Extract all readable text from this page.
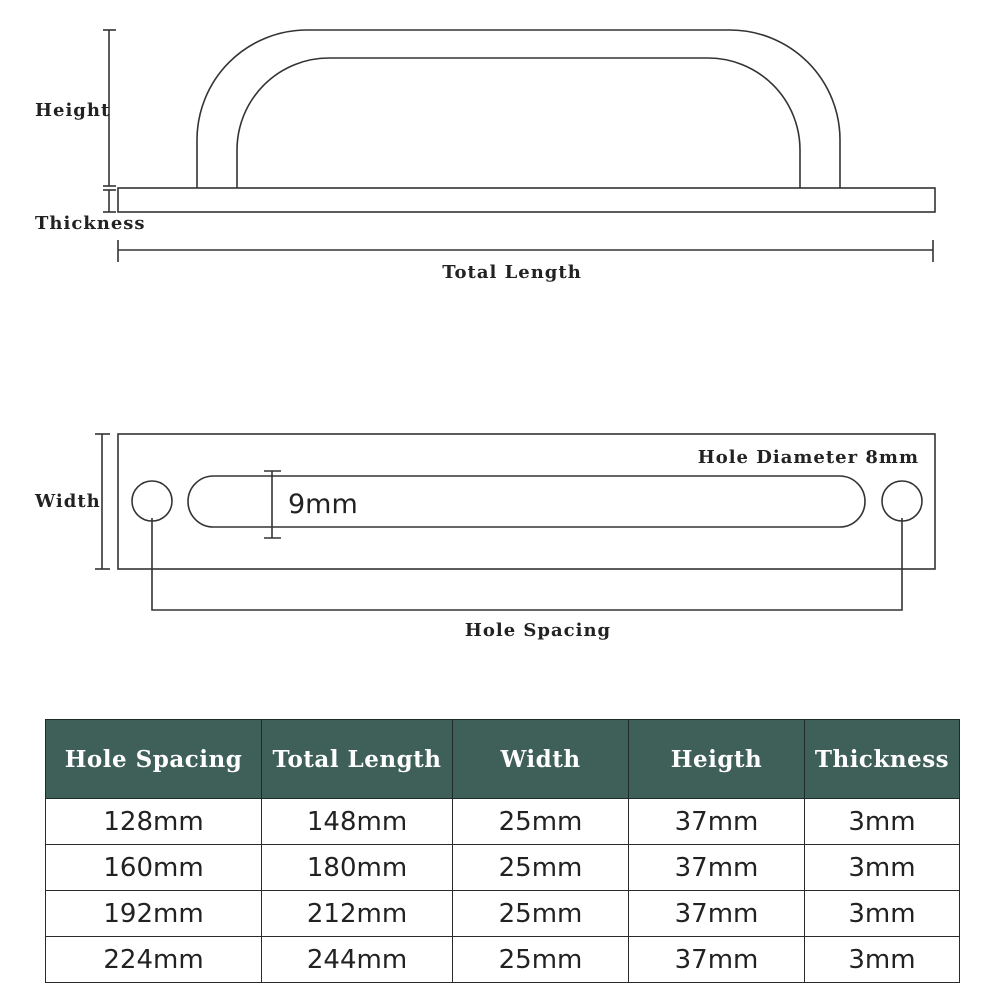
Height
Thickness
Total Length
Width
Hole Diameter 8mm
9mm
Hole Spacing
Hole Spacing	Total Length	Width	Heigth	Thickness
128mm	148mm	25mm	37mm	3mm
160mm	180mm	25mm	37mm	3mm
192mm	212mm	25mm	37mm	3mm
224mm	244mm	25mm	37mm	3mm
